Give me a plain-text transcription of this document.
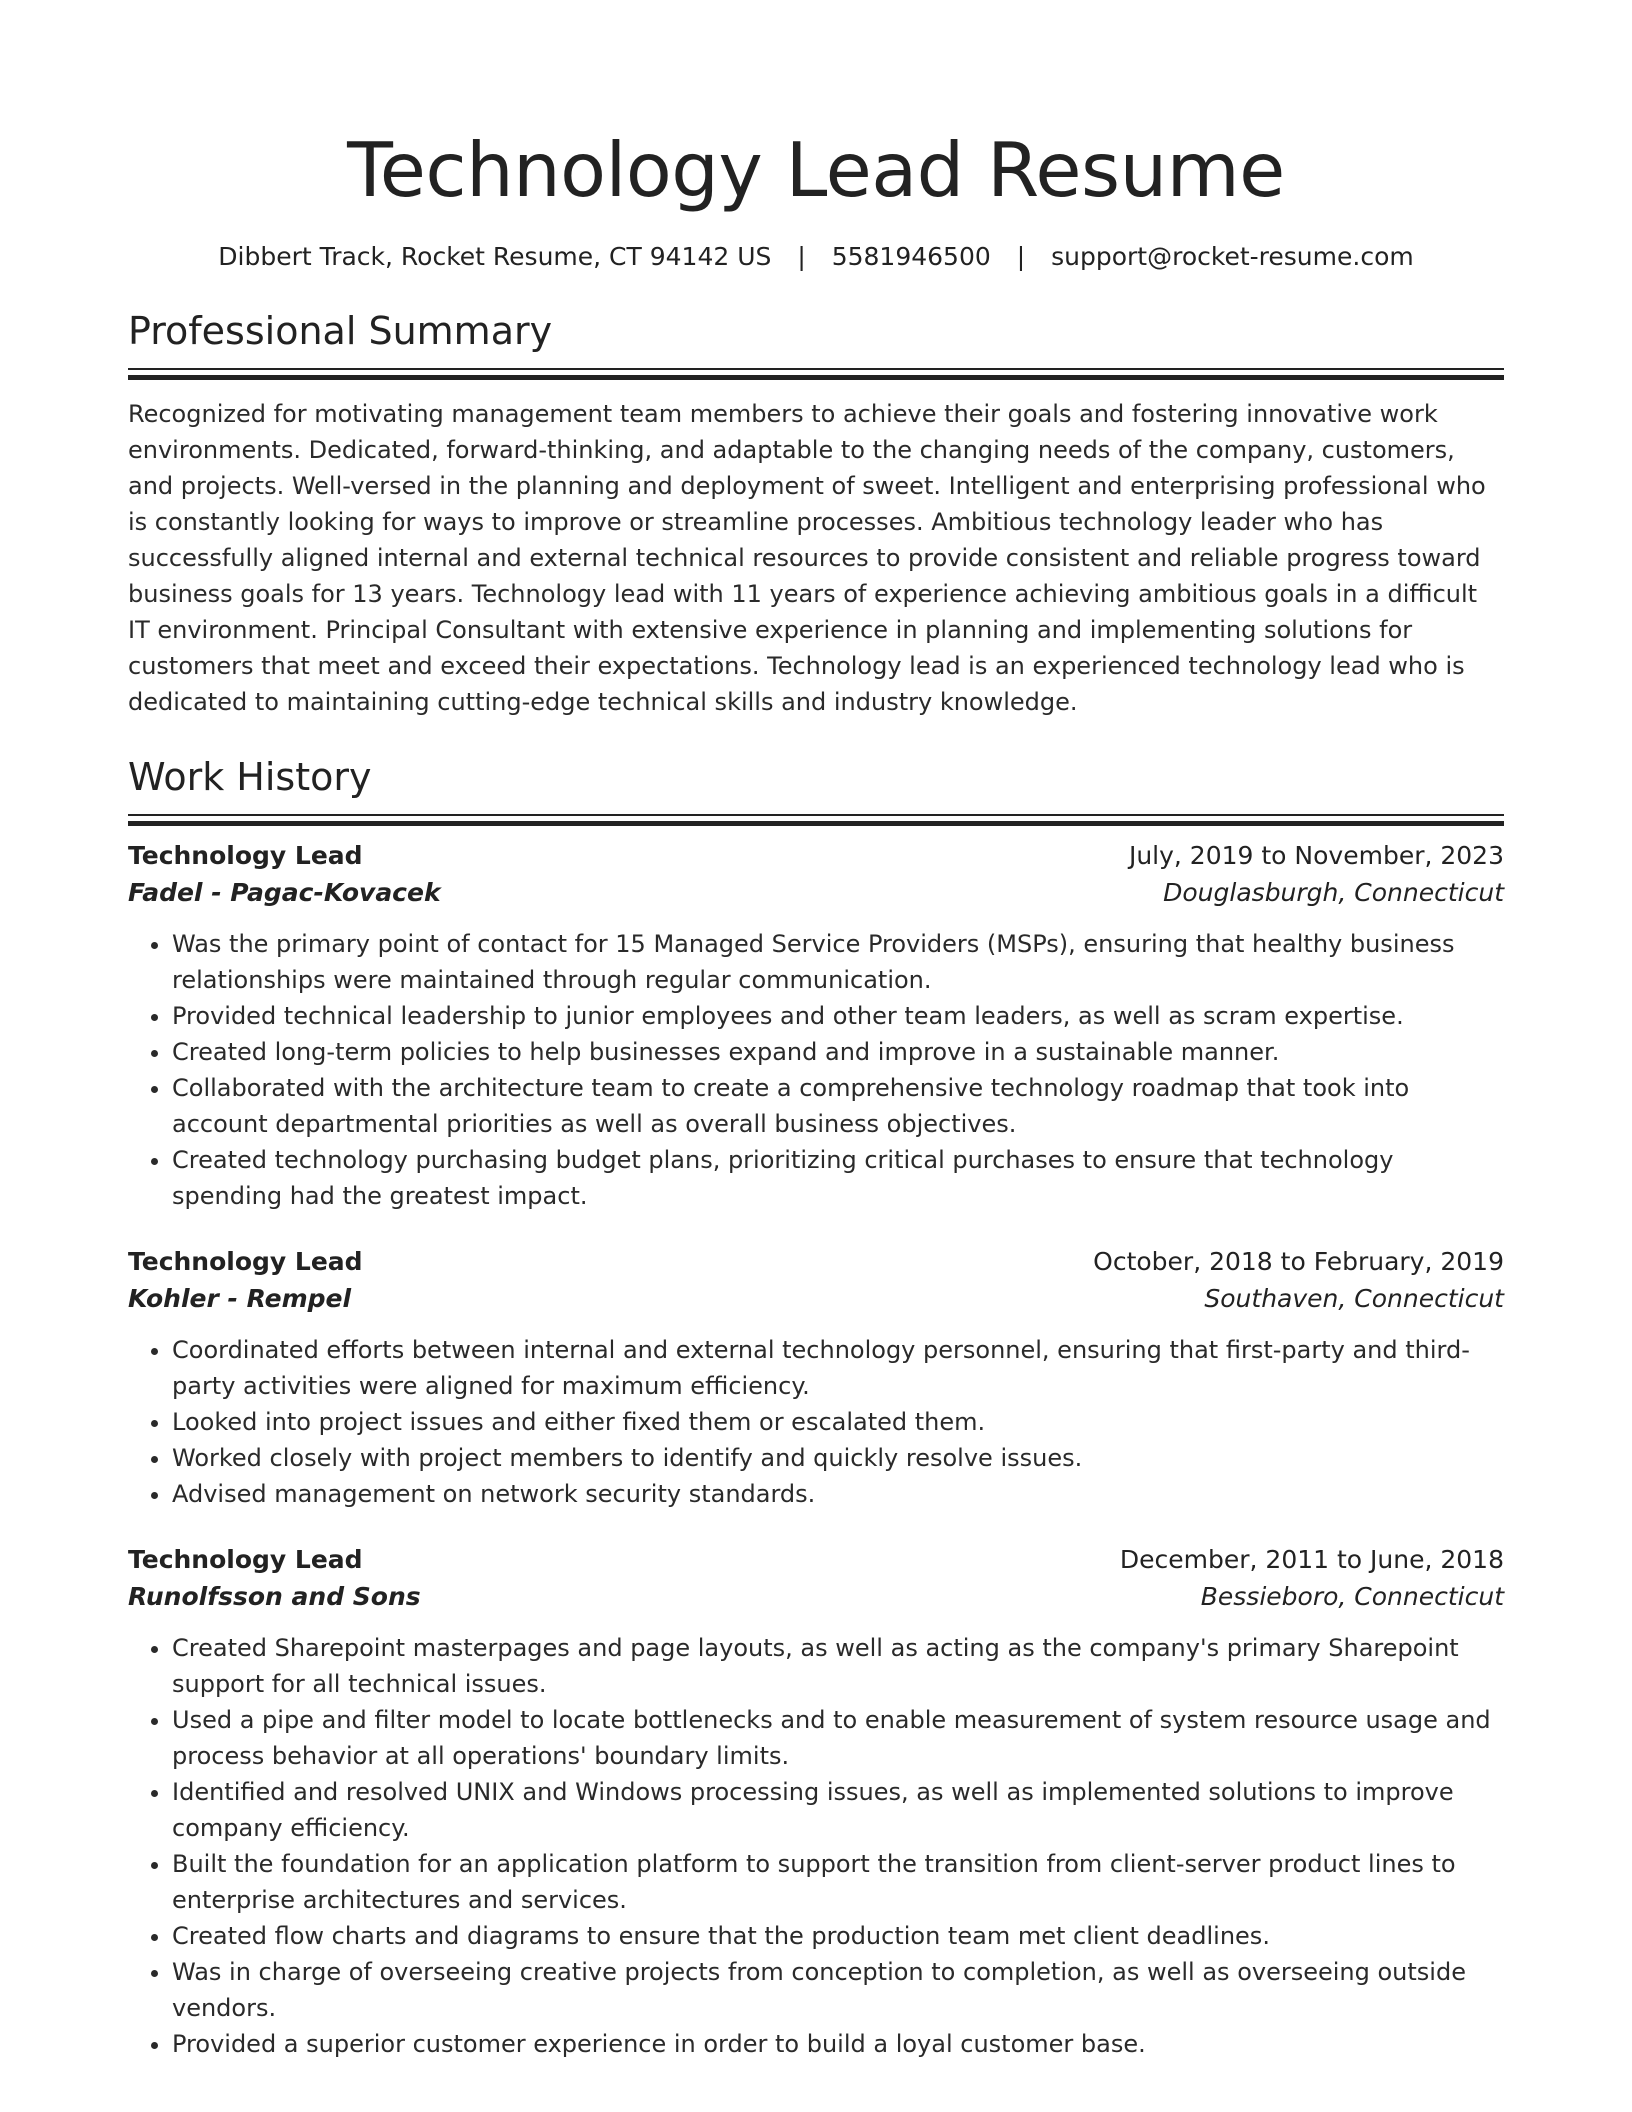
Technology Lead Resume
Dibbert Track, Rocket Resume, CT 94142 US | 5581946500 | support@rocket-resume.com
Professional Summary

Recognized for motivating management team members to achieve their goals and fostering innovative work environments. Dedicated, forward-thinking, and adaptable to the changing needs of the company, customers, and projects. Well-versed in the planning and deployment of sweet. Intelligent and enterprising professional who is constantly looking for ways to improve or streamline processes. Ambitious technology leader who has successfully aligned internal and external technical resources to provide consistent and reliable progress toward business goals for 13 years. Technology lead with 11 years of experience achieving ambitious goals in a difficult IT environment. Principal Consultant with extensive experience in planning and implementing solutions for customers that meet and exceed their expectations. Technology lead is an experienced technology lead who is dedicated to maintaining cutting-edge technical skills and industry knowledge.

Work History
Technology Lead	July, 2019 to November, 2023
Fadel - Pagac-Kovacek	Douglasburgh, Connecticut
• Was the primary point of contact for 15 Managed Service Providers (MSPs), ensuring that healthy business relationships were maintained through regular communication.
• Provided technical leadership to junior employees and other team leaders, as well as scram expertise.
• Created long-term policies to help businesses expand and improve in a sustainable manner.
• Collaborated with the architecture team to create a comprehensive technology roadmap that took into account departmental priorities as well as overall business objectives.
• Created technology purchasing budget plans, prioritizing critical purchases to ensure that technology spending had the greatest impact.
Technology Lead	October, 2018 to February, 2019
Kohler - Rempel	Southaven, Connecticut
• Coordinated efforts between internal and external technology personnel, ensuring that first-party and third-party activities were aligned for maximum efficiency.
• Looked into project issues and either fixed them or escalated them.
• Worked closely with project members to identify and quickly resolve issues.
• Advised management on network security standards.
Technology Lead	December, 2011 to June, 2018
Runolfsson and Sons	Bessieboro, Connecticut
• Created Sharepoint masterpages and page layouts, as well as acting as the company's primary Sharepoint support for all technical issues.
• Used a pipe and filter model to locate bottlenecks and to enable measurement of system resource usage and process behavior at all operations' boundary limits.
• Identified and resolved UNIX and Windows processing issues, as well as implemented solutions to improve company efficiency.
• Built the foundation for an application platform to support the transition from client-server product lines to enterprise architectures and services.
• Created flow charts and diagrams to ensure that the production team met client deadlines.
• Was in charge of overseeing creative projects from conception to completion, as well as overseeing outside vendors.
• Provided a superior customer experience in order to build a loyal customer base.
